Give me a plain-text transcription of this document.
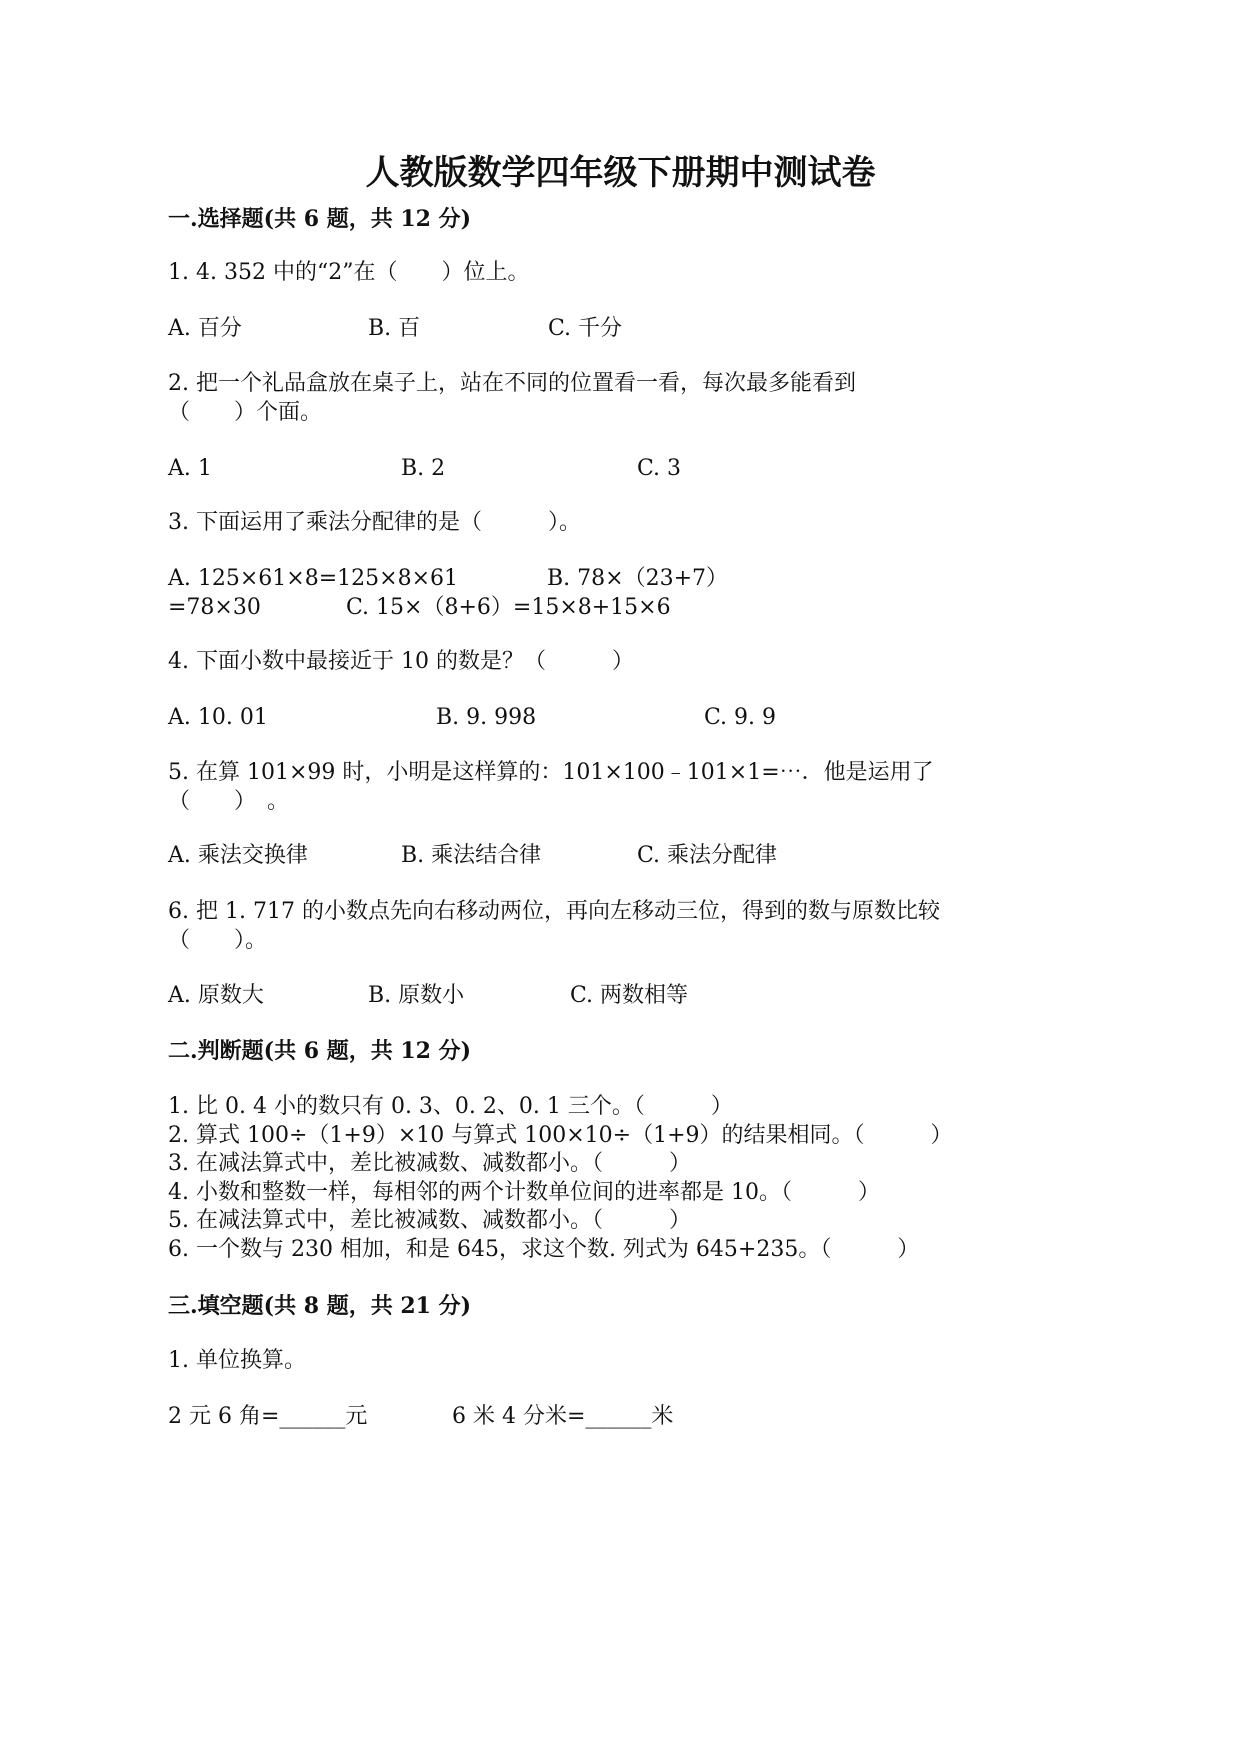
人教版数学四年级下册期中测试卷
一.选择题(共 6 题，共 12 分)
1. 4. 352 中的“2”在（　　）位上。
A. 百分	B. 百	C. 千分
2. 把一个礼品盒放在桌子上，站在不同的位置看一看，每次最多能看到
（　　）个面。
A. 1	B. 2	C. 3
3. 下面运用了乘法分配律的是（　　　）。
A. 125×61×8=125×8×61	B. 78×（23+7）
=78×30	C. 15×（8+6）=15×8+15×6
4. 下面小数中最接近于 10 的数是？（　　　）
A. 10. 01	B. 9. 998	C. 9. 9
5. 在算 101×99 时，小明是这样算的：101×100﹣101×1=⋯．他是运用了
（　　）　。
A. 乘法交换律	B. 乘法结合律	C. 乘法分配律
6. 把 1. 717 的小数点先向右移动两位，再向左移动三位，得到的数与原数比较
（　　）。
A. 原数大	B. 原数小	C. 两数相等
二.判断题(共 6 题，共 12 分)
1. 比 0. 4 小的数只有 0. 3、0. 2、0. 1 三个。（　　　）
2. 算式 100÷（1+9）×10 与算式 100×10÷（1+9）的结果相同。（　　　）
3. 在减法算式中，差比被减数、减数都小。（　　　）
4. 小数和整数一样，每相邻的两个计数单位间的进率都是 10。（　　　）
5. 在减法算式中，差比被减数、减数都小。（　　　）
6. 一个数与 230 相加，和是 645，求这个数. 列式为 645+235。（　　　）
三.填空题(共 8 题，共 21 分)
1. 单位换算。
2 元 6 角=______元	6 米 4 分米=______米
